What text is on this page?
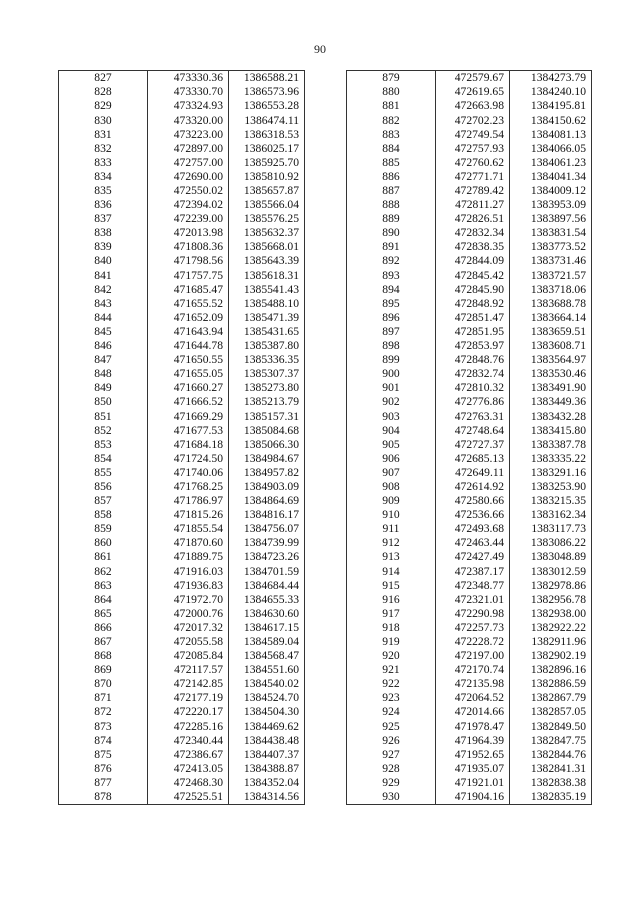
90
827	473330.36	1386588.21
828	473330.70	1386573.96
829	473324.93	1386553.28
830	473320.00	1386474.11
831	473223.00	1386318.53
832	472897.00	1386025.17
833	472757.00	1385925.70
834	472690.00	1385810.92
835	472550.02	1385657.87
836	472394.02	1385566.04
837	472239.00	1385576.25
838	472013.98	1385632.37
839	471808.36	1385668.01
840	471798.56	1385643.39
841	471757.75	1385618.31
842	471685.47	1385541.43
843	471655.52	1385488.10
844	471652.09	1385471.39
845	471643.94	1385431.65
846	471644.78	1385387.80
847	471650.55	1385336.35
848	471655.05	1385307.37
849	471660.27	1385273.80
850	471666.52	1385213.79
851	471669.29	1385157.31
852	471677.53	1385084.68
853	471684.18	1385066.30
854	471724.50	1384984.67
855	471740.06	1384957.82
856	471768.25	1384903.09
857	471786.97	1384864.69
858	471815.26	1384816.17
859	471855.54	1384756.07
860	471870.60	1384739.99
861	471889.75	1384723.26
862	471916.03	1384701.59
863	471936.83	1384684.44
864	471972.70	1384655.33
865	472000.76	1384630.60
866	472017.32	1384617.15
867	472055.58	1384589.04
868	472085.84	1384568.47
869	472117.57	1384551.60
870	472142.85	1384540.02
871	472177.19	1384524.70
872	472220.17	1384504.30
873	472285.16	1384469.62
874	472340.44	1384438.48
875	472386.67	1384407.37
876	472413.05	1384388.87
877	472468.30	1384352.04
878	472525.51	1384314.56
879	472579.67	1384273.79
880	472619.65	1384240.10
881	472663.98	1384195.81
882	472702.23	1384150.62
883	472749.54	1384081.13
884	472757.93	1384066.05
885	472760.62	1384061.23
886	472771.71	1384041.34
887	472789.42	1384009.12
888	472811.27	1383953.09
889	472826.51	1383897.56
890	472832.34	1383831.54
891	472838.35	1383773.52
892	472844.09	1383731.46
893	472845.42	1383721.57
894	472845.90	1383718.06
895	472848.92	1383688.78
896	472851.47	1383664.14
897	472851.95	1383659.51
898	472853.97	1383608.71
899	472848.76	1383564.97
900	472832.74	1383530.46
901	472810.32	1383491.90
902	472776.86	1383449.36
903	472763.31	1383432.28
904	472748.64	1383415.80
905	472727.37	1383387.78
906	472685.13	1383335.22
907	472649.11	1383291.16
908	472614.92	1383253.90
909	472580.66	1383215.35
910	472536.66	1383162.34
911	472493.68	1383117.73
912	472463.44	1383086.22
913	472427.49	1383048.89
914	472387.17	1383012.59
915	472348.77	1382978.86
916	472321.01	1382956.78
917	472290.98	1382938.00
918	472257.73	1382922.22
919	472228.72	1382911.96
920	472197.00	1382902.19
921	472170.74	1382896.16
922	472135.98	1382886.59
923	472064.52	1382867.79
924	472014.66	1382857.05
925	471978.47	1382849.50
926	471964.39	1382847.75
927	471952.65	1382844.76
928	471935.07	1382841.31
929	471921.01	1382838.38
930	471904.16	1382835.19
